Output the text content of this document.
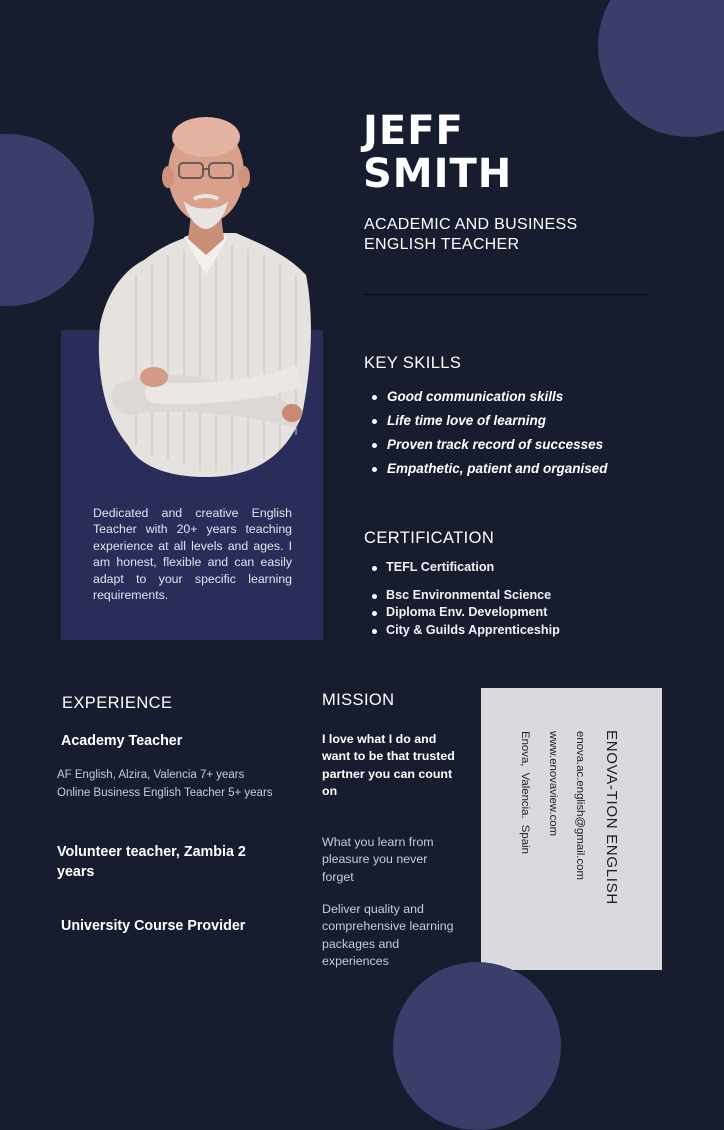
Dedicated and creative English Teacher with 20+ years teaching experience at all levels and ages. I am honest, flexible and can easily adapt to your specific learning requirements.
JEFF
SMITH
ACADEMIC AND BUSINESS ENGLISH TEACHER
KEY SKILLS
Good communication skills
Life time love of learning
Proven track record of successes
Empathetic, patient and organised
CERTIFICATION
TEFL Certification
Bsc Environmental Science
Diploma Env. Development
City & Guilds Apprenticeship
EXPERIENCE
Academy Teacher
AF English, Alzira, Valencia 7+ years
Online Business English Teacher 5+ years
Volunteer teacher, Zambia 2 years
University Course Provider
MISSION
I love what I do and want to be that trusted partner you can count on
What you learn from pleasure you never forget
Deliver quality and comprehensive learning packages and experiences
ENOVA-TION ENGLISH
enova.ac.english@gmail.com
www.enovaview.com
Enova, Valencia. Spain
